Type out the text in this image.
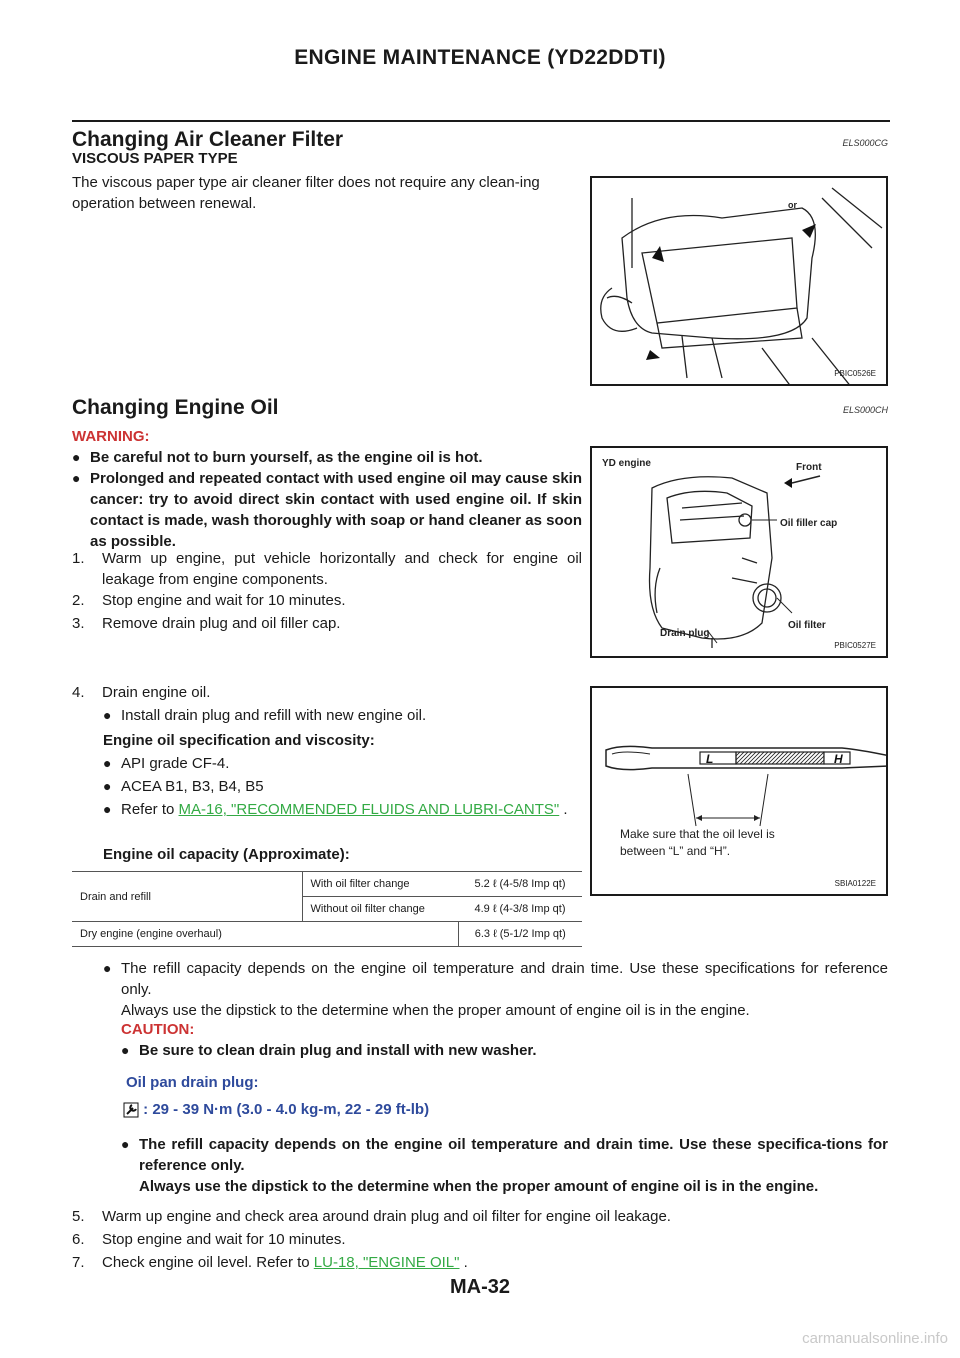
ENGINE MAINTENANCE (YD22DDTI)
Changing Air Cleaner Filter	ELS000CG
VISCOUS PAPER TYPE
The viscous paper type air cleaner filter does not require any clean-ing operation between renewal.	or
PBIC0526E
Changing Engine Oil	ELS000CH
WARNING:
● Be careful not to burn yourself, as the engine oil is hot.
● Prolonged and repeated contact with used engine oil may cause skin cancer: try to avoid direct skin contact with used engine oil. If skin contact is made, wash thoroughly with soap or hand cleaner as soon as possible.
1.	Warm up engine, put vehicle horizontally and check for engine oil leakage from engine components.
2.	Stop engine and wait for 10 minutes.
3.	Remove drain plug and oil filler cap.
YD engine	Front
Oil filler cap
Oil filter
Drain plug
PBIC0527E
4.	Drain engine oil.
● Install drain plug and refill with new engine oil.
Engine oil specification and viscosity:
● API grade CF-4.
● ACEA B1, B3, B4, B5
● Refer to MA-16, "RECOMMENDED FLUIDS AND LUBRI-CANTS" .
Engine oil capacity (Approximate):
L	H
Make sure that the oil level is between “L” and “H”.
SBIA0122E
Drain and refill	With oil filter change	5.2 ℓ (4-5/8 Imp qt)
	Without oil filter change	4.9 ℓ (4-3/8 Imp qt)
Dry engine (engine overhaul)		6.3 ℓ (5-1/2 Imp qt)
● The refill capacity depends on the engine oil temperature and drain time. Use these specifications for reference only.
Always use the dipstick to the determine when the proper amount of engine oil is in the engine.
CAUTION:
● Be sure to clean drain plug and install with new washer.
Oil pan drain plug:
: 29 - 39 N·m (3.0 - 4.0 kg-m, 22 - 29 ft-lb)
● The refill capacity depends on the engine oil temperature and drain time. Use these specifica-tions for reference only.
Always use the dipstick to the determine when the proper amount of engine oil is in the engine.
5.	Warm up engine and check area around drain plug and oil filter for engine oil leakage.
6.	Stop engine and wait for 10 minutes.
7.	Check engine oil level. Refer to LU-18, "ENGINE OIL" .
MA-32
carmanualsonline.info
